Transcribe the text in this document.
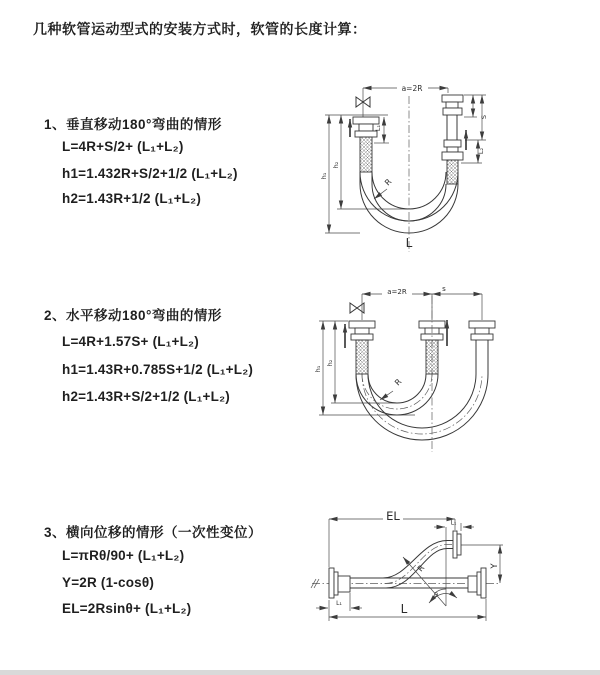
几种软管运动型式的安装方式时，软管的长度计算：
1、垂直移动180°弯曲的情形
L=4R+S/2+ (L₁+L₂)
h1=1.432R+S/2+1/2 (L₁+L₂)
h2=1.43R+1/2 (L₁+L₂)
2、水平移动180°弯曲的情形
L=4R+1.57S+ (L₁+L₂)
h1=1.43R+0.785S+1/2 (L₁+L₂)
h2=1.43R+S/2+1/2 (L₁+L₂)
3、横向位移的情形（一次性变位）
L=πRθ/90+ (L₁+L₂)
Y=2R (1-cosθ)
EL=2Rsinθ+ (L₁+L₂)
a=2R
L₁
S
L₂
h₁
h₂
R
L
a=2R	s
h₁
h₂
R
EL	L₁
Y
R
θ
L
L₁
